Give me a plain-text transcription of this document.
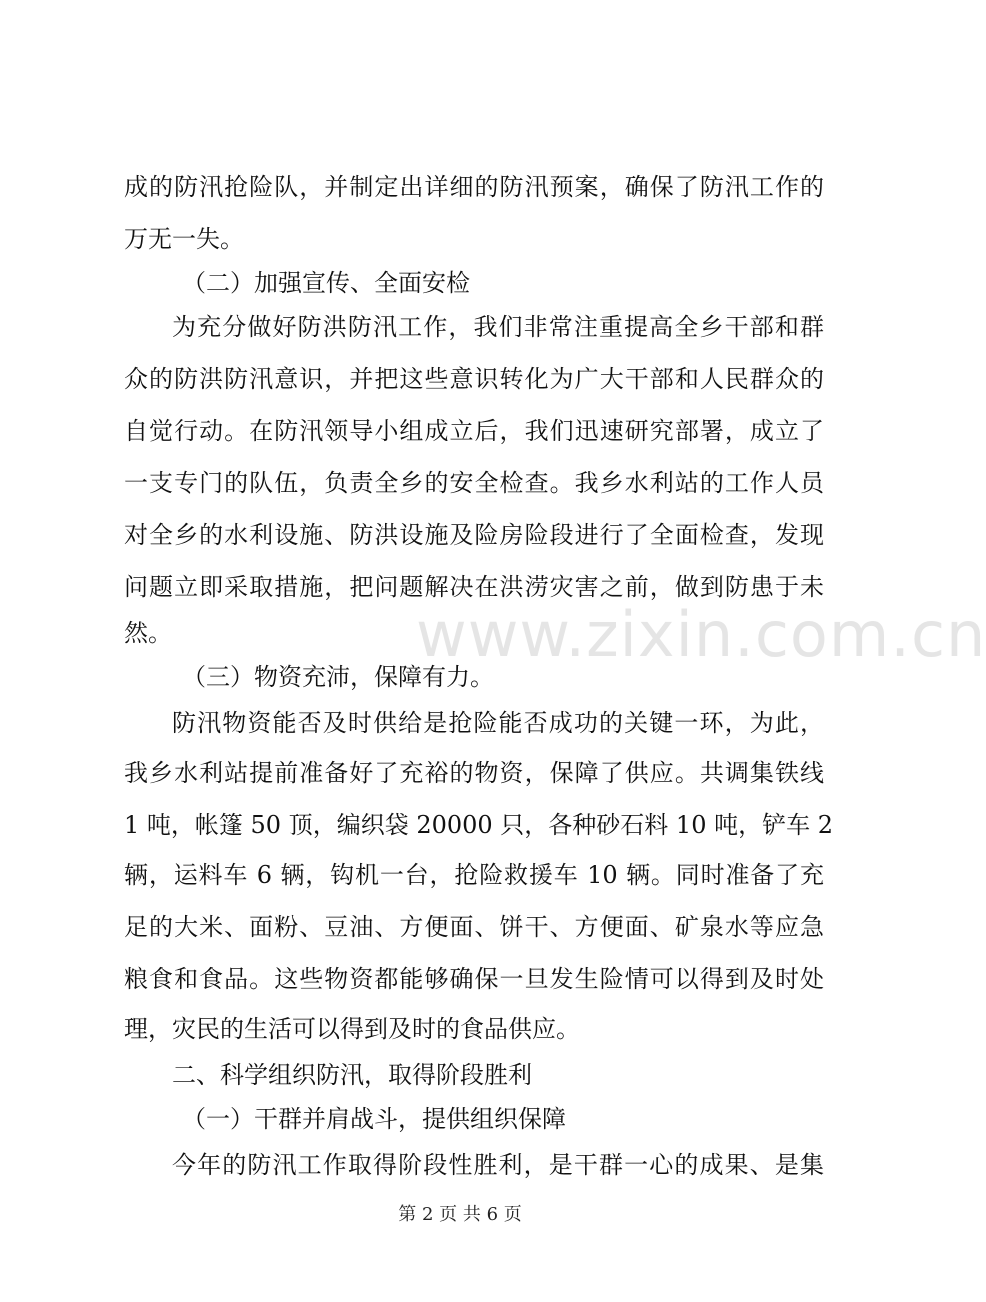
成的防汛抢险队，并制定出详细的防汛预案，确保了防汛工作的

万无一失。

（二）加强宣传、全面安检

为充分做好防洪防汛工作，我们非常注重提高全乡干部和群

众的防洪防汛意识，并把这些意识转化为广大干部和人民群众的

自觉行动。在防汛领导小组成立后，我们迅速研究部署，成立了

一支专门的队伍，负责全乡的安全检查。我乡水利站的工作人员

对全乡的水利设施、防洪设施及险房险段进行了全面检查，发现

问题立即采取措施，把问题解决在洪涝灾害之前，做到防患于未

然。

（三）物资充沛，保障有力。

防汛物资能否及时供给是抢险能否成功的关键一环，为此，

我乡水利站提前准备好了充裕的物资，保障了供应。共调集铁线

1 吨，帐篷 50 顶，编织袋 20000 只，各种砂石料 10 吨，铲车 2

辆，运料车 6 辆，钩机一台，抢险救援车 10 辆。同时准备了充

足的大米、面粉、豆油、方便面、饼干、方便面、矿泉水等应急

粮食和食品。这些物资都能够确保一旦发生险情可以得到及时处

理，灾民的生活可以得到及时的食品供应。

二、科学组织防汛，取得阶段胜利

（一）干群并肩战斗，提供组织保障

今年的防汛工作取得阶段性胜利，是干群一心的成果、是集

www.zixin.com.cn
第 2 页 共 6 页
